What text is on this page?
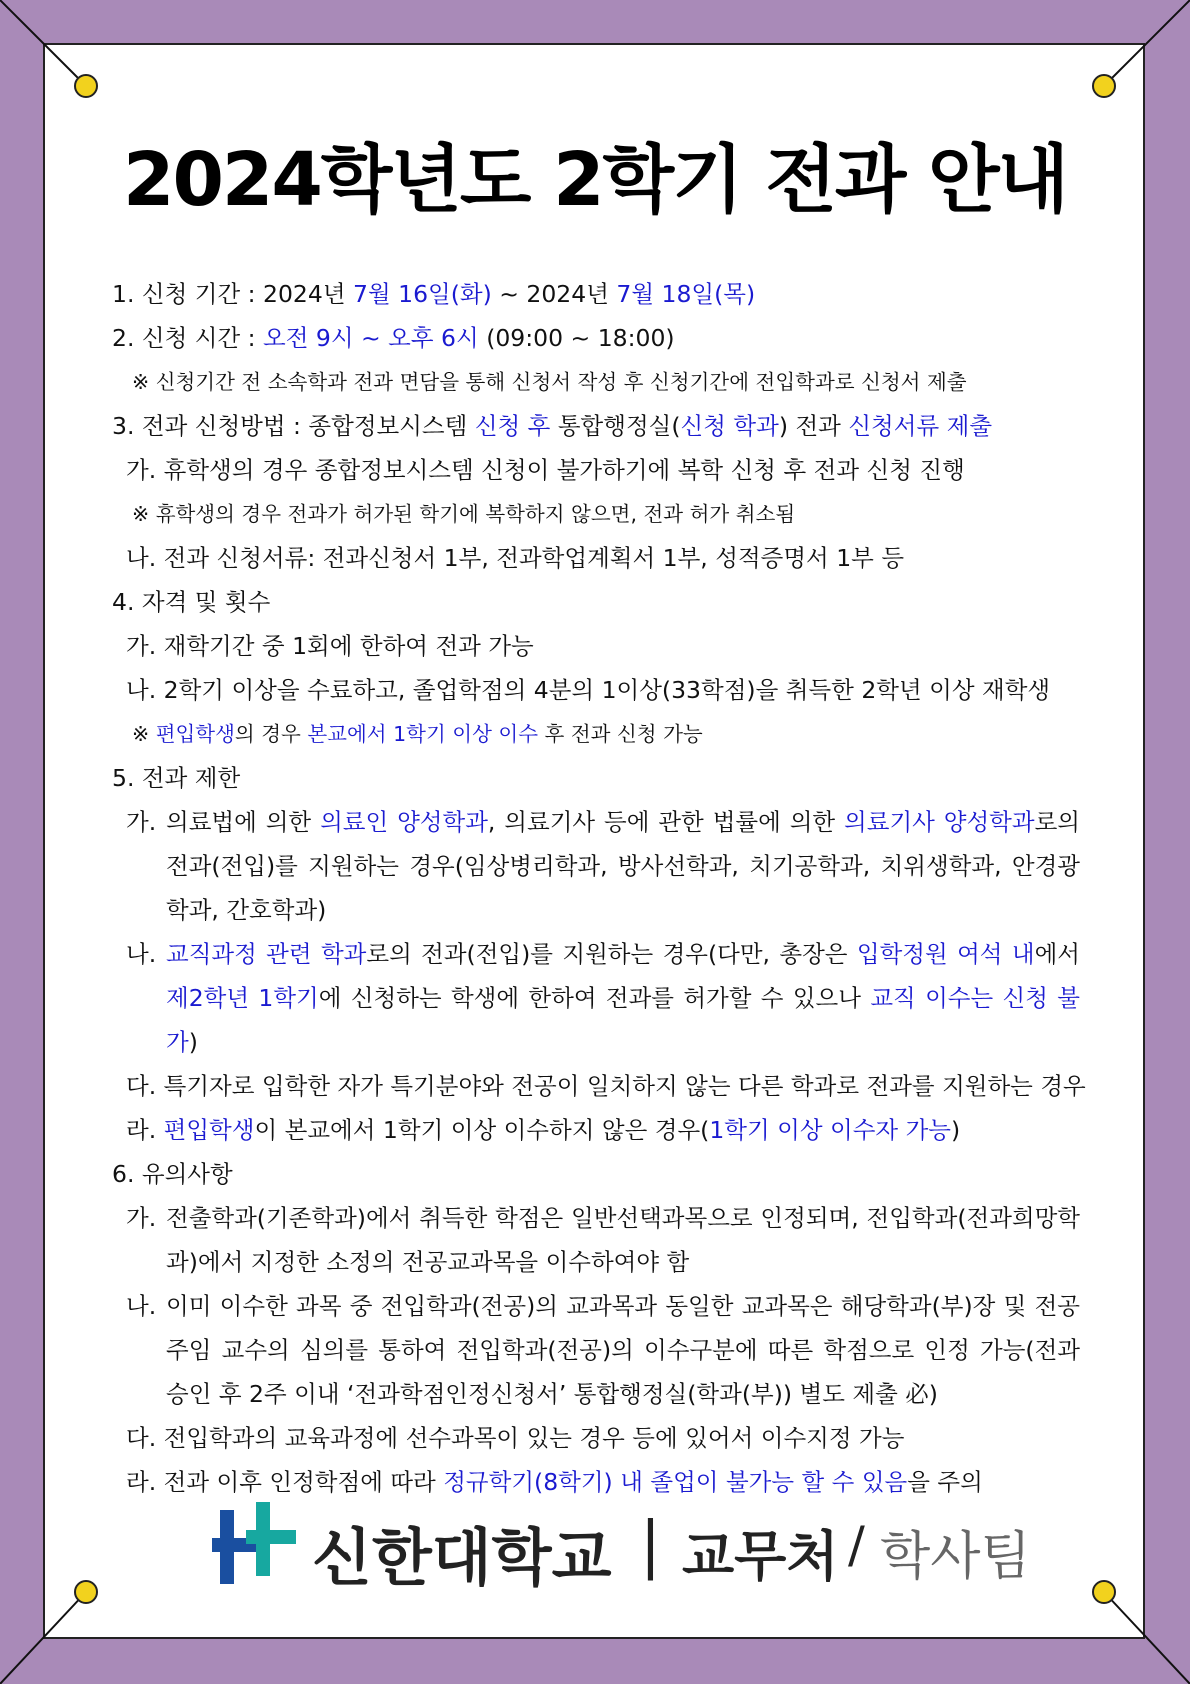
2024학년도 2학기 전과 안내
1. 신청 기간 : 2024년 7월 16일(화) ~ 2024년 7월 18일(목)
2. 신청 시간 : 오전 9시 ~ 오후 6시 (09:00 ~ 18:00)
※ 신청기간 전 소속학과 전과 면담을 통해 신청서 작성 후 신청기간에 전입학과로 신청서 제출
3. 전과 신청방법 : 종합정보시스템 신청 후 통합행정실(신청 학과) 전과 신청서류 제출
가. 휴학생의 경우 종합정보시스템 신청이 불가하기에 복학 신청 후 전과 신청 진행
※ 휴학생의 경우 전과가 허가된 학기에 복학하지 않으면, 전과 허가 취소됨
나. 전과 신청서류: 전과신청서 1부, 전과학업계획서 1부, 성적증명서 1부 등
4. 자격 및 횟수
가. 재학기간 중 1회에 한하여 전과 가능
나. 2학기 이상을 수료하고, 졸업학점의 4분의 1이상(33학점)을 취득한 2학년 이상 재학생
※ 편입학생의 경우 본교에서 1학기 이상 이수 후 전과 신청 가능
5. 전과 제한
가. 의료법에 의한 의료인 양성학과, 의료기사 등에 관한 법률에 의한 의료기사 양성학과로의 전과(전입)를 지원하는 경우(임상병리학과, 방사선학과, 치기공학과, 치위생학과, 안경광학과, 간호학과)
나. 교직과정 관련 학과로의 전과(전입)를 지원하는 경우(다만, 총장은 입학정원 여석 내에서 제2학년 1학기에 신청하는 학생에 한하여 전과를 허가할 수 있으나 교직 이수는 신청 불가)
다. 특기자로 입학한 자가 특기분야와 전공이 일치하지 않는 다른 학과로 전과를 지원하는 경우
라. 편입학생이 본교에서 1학기 이상 이수하지 않은 경우(1학기 이상 이수자 가능)
6. 유의사항
가. 전출학과(기존학과)에서 취득한 학점은 일반선택과목으로 인정되며, 전입학과(전과희망학과)에서 지정한 소정의 전공교과목을 이수하여야 함
나. 이미 이수한 과목 중 전입학과(전공)의 교과목과 동일한 교과목은 해당학과(부)장 및 전공주임 교수의 심의를 통하여 전입학과(전공)의 이수구분에 따른 학점으로 인정 가능(전과 승인 후 2주 이내 ‘전과학점인정신청서’ 통합행정실(학과(부)) 별도 제출 必)
다. 전입학과의 교육과정에 선수과목이 있는 경우 등에 있어서 이수지정 가능
라. 전과 이후 인정학점에 따라 정규학기(8학기) 내 졸업이 불가능 할 수 있음을 주의
신한대학교 | 교무처 / 학사팀
